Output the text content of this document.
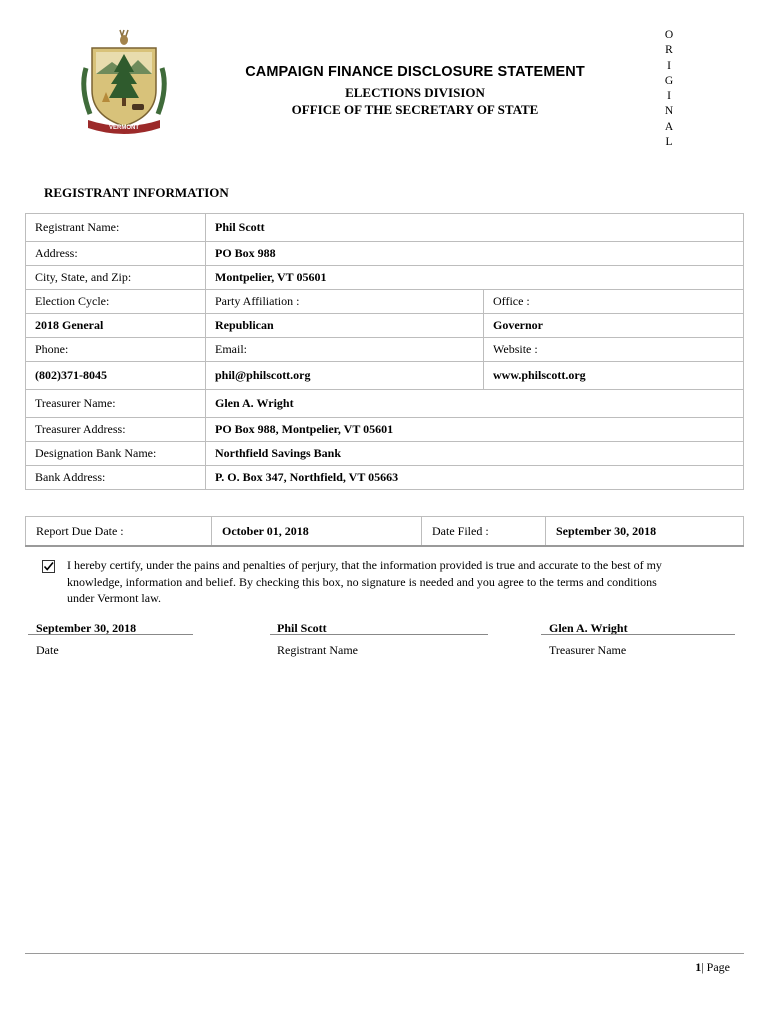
VERMONT
CAMPAIGN FINANCE DISCLOSURE STATEMENT
ELECTIONS DIVISION
OFFICE OF THE SECRETARY OF STATE
O
R
I
G
I
N
A
L
REGISTRANT INFORMATION
Registrant Name:	Phil Scott	
Address:	PO Box 988	
City, State, and Zip:	Montpelier, VT 05601	
Election Cycle:	Party Affiliation :	Office :
2018 General	Republican	Governor
Phone:	Email:	Website :
(802)371-8045	phil@philscott.org	www.philscott.org
Treasurer Name:	Glen A. Wright	
Treasurer Address:	PO Box 988, Montpelier, VT 05601	
Designation Bank Name:	Northfield Savings Bank	
Bank Address:	P. O. Box 347, Northfield, VT 05663	
Report Due Date :	October 01, 2018	Date Filed :	September 30, 2018
I hereby certify, under the pains and penalties of perjury, that the information provided is true and accurate to the best of my knowledge, information and belief. By checking this box, no signature is needed and you agree to the terms and conditions under Vermont law.
September 30, 2018
Date
Phil Scott
Registrant Name
Glen A. Wright
Treasurer Name
1| Page
